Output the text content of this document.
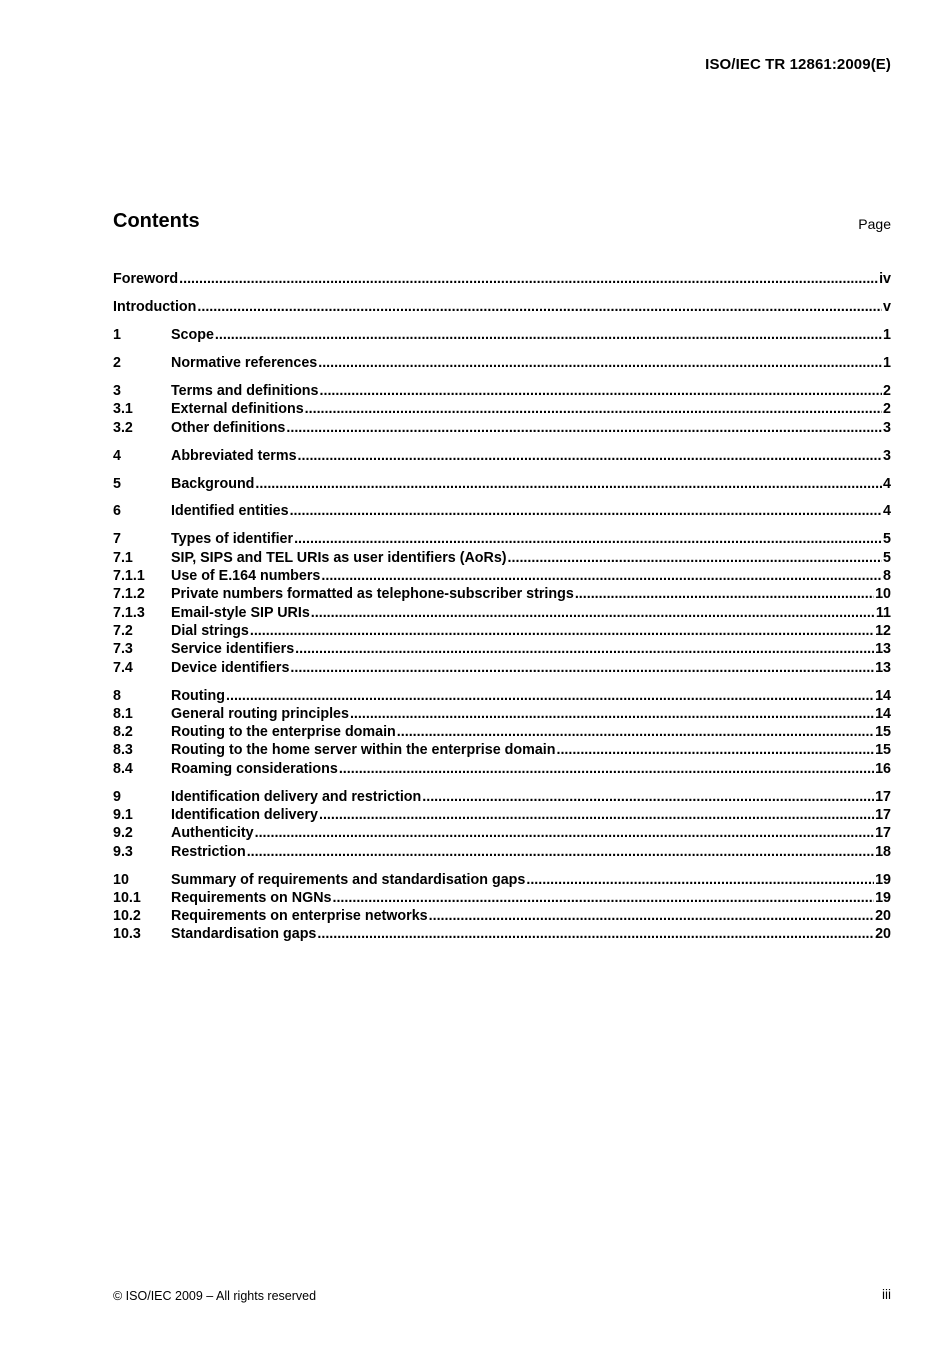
ISO/IEC TR 12861:2009(E)
Contents	Page
Foreword .....	iv
Introduction .....	v
1	Scope .....	1
2	Normative references .....	1
3	Terms and definitions .....	2
3.1	External definitions .....	2
3.2	Other definitions .....	3
4	Abbreviated terms .....	3
5	Background .....	4
6	Identified entities .....	4
7	Types of identifier .....	5
7.1	SIP, SIPS and TEL URIs as user identifiers (AoRs) .....	5
7.1.1	Use of E.164 numbers .....	8
7.1.2	Private numbers formatted as telephone-subscriber strings .....	10
7.1.3	Email-style SIP URIs .....	11
7.2	Dial strings .....	12
7.3	Service identifiers .....	13
7.4	Device identifiers .....	13
8	Routing .....	14
8.1	General routing principles .....	14
8.2	Routing to the enterprise domain .....	15
8.3	Routing to the home server within the enterprise domain .....	15
8.4	Roaming considerations .....	16
9	Identification delivery and restriction .....	17
9.1	Identification delivery .....	17
9.2	Authenticity .....	17
9.3	Restriction .....	18
10	Summary of requirements and standardisation gaps .....	19
10.1	Requirements on NGNs .....	19
10.2	Requirements on enterprise networks .....	20
10.3	Standardisation gaps .....	20
© ISO/IEC 2009 – All rights reserved	iii
